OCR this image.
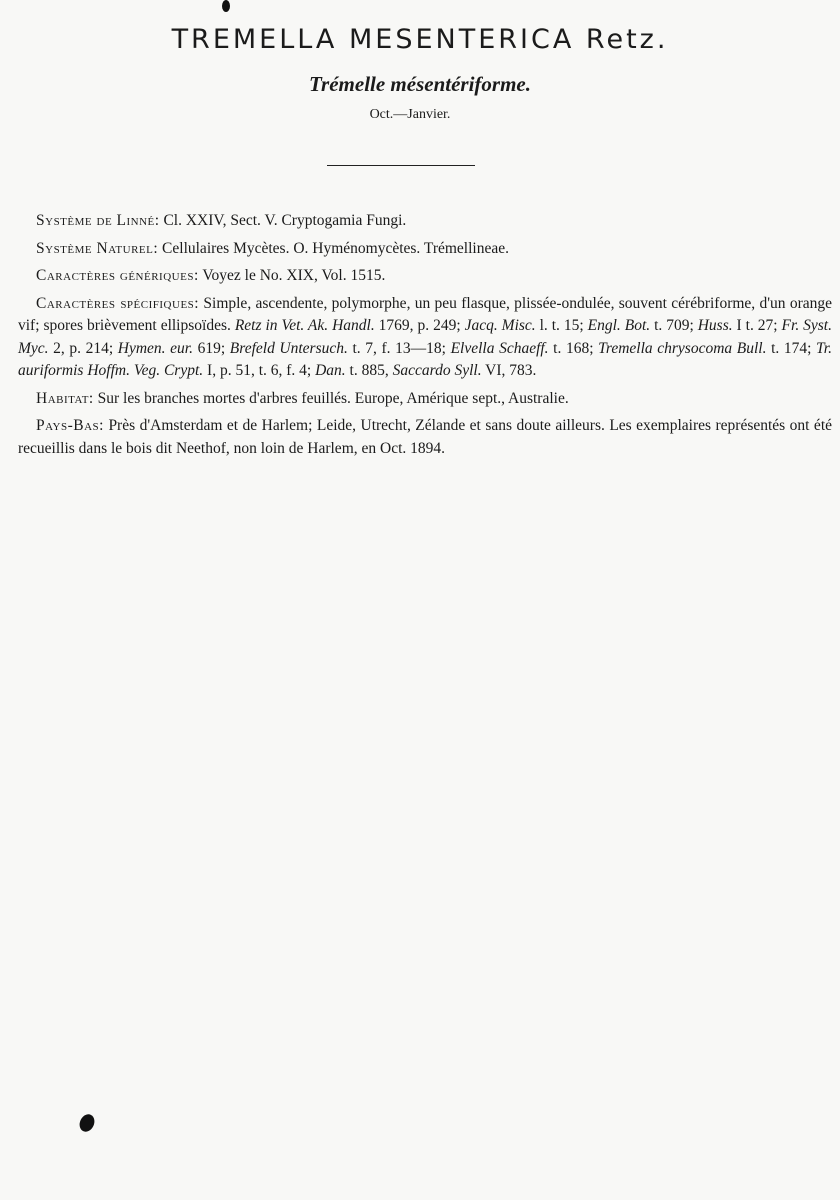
TREMELLA MESENTERICA Retz.
Trémelle mésentériforme.
Oct.—Janvier.

Système de Linné: Cl. XXIV, Sect. V. Cryptogamia Fungi.

Système Naturel: Cellulaires Mycètes. O. Hyménomycètes. Trémellineae.

Caractères génériques: Voyez le No. XIX, Vol. 1515.

Caractères spécifiques: Simple, ascendente, polymorphe, un peu flasque, plissée-ondulée, souvent cérébriforme, d'un orange vif; spores brièvement ellipsoïdes. Retz in Vet. Ak. Handl. 1769, p. 249; Jacq. Misc. l. t. 15; Engl. Bot. t. 709; Huss. I t. 27; Fr. Syst. Myc. 2, p. 214; Hymen. eur. 619; Brefeld Untersuch. t. 7, f. 13—18; Elvella Schaeff. t. 168; Tremella chrysocoma Bull. t. 174; Tr. auriformis Hoffm. Veg. Crypt. I, p. 51, t. 6, f. 4; Dan. t. 885, Saccardo Syll. VI, 783.

Habitat: Sur les branches mortes d'arbres feuillés. Europe, Amérique sept., Australie.

Pays-Bas: Près d'Amsterdam et de Harlem; Leide, Utrecht, Zélande et sans doute ailleurs. Les exemplaires représentés ont été recueillis dans le bois dit Neethof, non loin de Harlem, en Oct. 1894.
